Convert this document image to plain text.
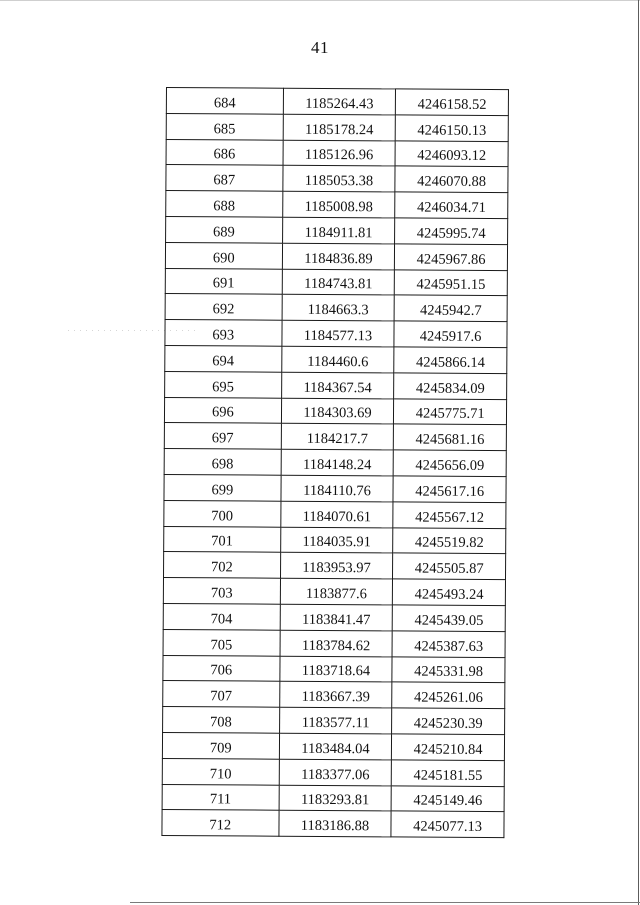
41
684	1185264.43	4246158.52
685	1185178.24	4246150.13
686	1185126.96	4246093.12
687	1185053.38	4246070.88
688	1185008.98	4246034.71
689	1184911.81	4245995.74
690	1184836.89	4245967.86
691	1184743.81	4245951.15
692	1184663.3	4245942.7
693	1184577.13	4245917.6
694	1184460.6	4245866.14
695	1184367.54	4245834.09
696	1184303.69	4245775.71
697	1184217.7	4245681.16
698	1184148.24	4245656.09
699	1184110.76	4245617.16
700	1184070.61	4245567.12
701	1184035.91	4245519.82
702	1183953.97	4245505.87
703	1183877.6	4245493.24
704	1183841.47	4245439.05
705	1183784.62	4245387.63
706	1183718.64	4245331.98
707	1183667.39	4245261.06
708	1183577.11	4245230.39
709	1183484.04	4245210.84
710	1183377.06	4245181.55
711	1183293.81	4245149.46
712	1183186.88	4245077.13
